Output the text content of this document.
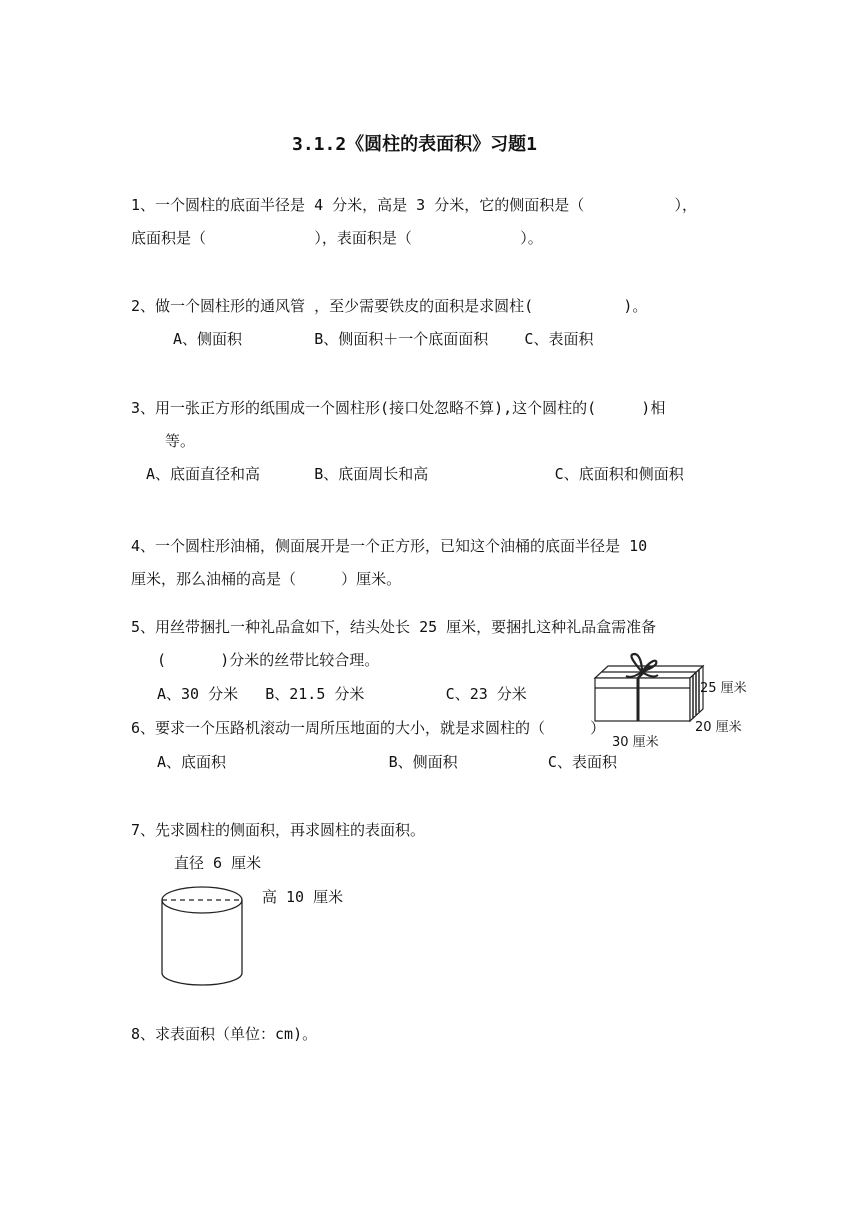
3.1.2《圆柱的表面积》习题1
1、一个圆柱的底面半径是 4 分米，高是 3 分米，它的侧面积是（          ），
底面积是（            ），表面积是（            ）。
2、做一个圆柱形的通风管 ，至少需要铁皮的面积是求圆柱(          )。
A、侧面积        B、侧面积＋一个底面面积    C、表面积
3、用一张正方形的纸围成一个圆柱形(接口处忽略不算),这个圆柱的(     )相
等。
A、底面直径和高      B、底面周长和高              C、底面积和侧面积
4、一个圆柱形油桶，侧面展开是一个正方形，已知这个油桶的底面半径是 10
厘米，那么油桶的高是（     ）厘米。
5、用丝带捆扎一种礼品盒如下，结头处长 25 厘米，要捆扎这种礼品盒需准备
(      )分米的丝带比较合理。
A、30 分米   B、21.5 分米         C、23 分米	25 厘米
20 厘米
30 厘米
6、要求一个压路机滚动一周所压地面的大小，就是求圆柱的（     ）
A、底面积                  B、侧面积          C、表面积
7、先求圆柱的侧面积，再求圆柱的表面积。
直径 6 厘米
高 10 厘米
8、求表面积（单位：cm)。
